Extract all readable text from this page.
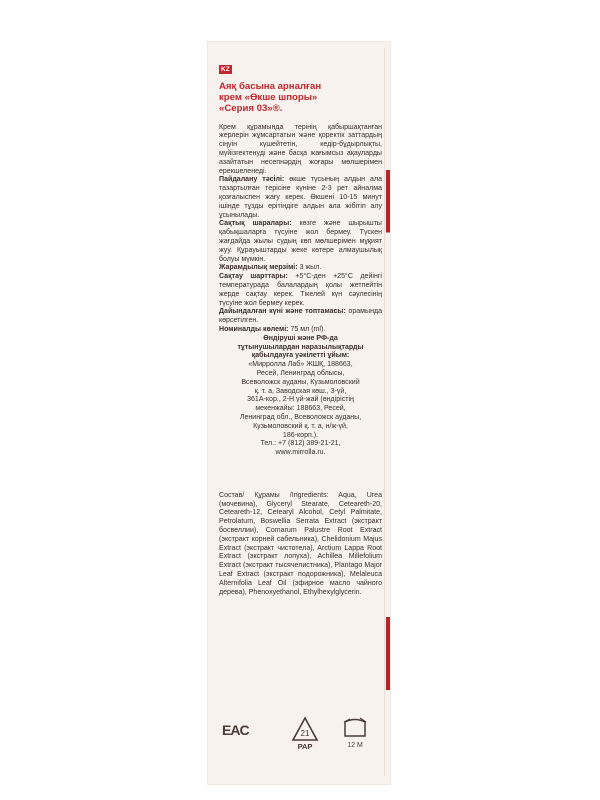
KZ
Аяқ басына арналған
крем «Өкше шпоры»
«Серия 03»®.

Крем құрамында терінің қабыршақтанған жерлерін жұмсартатын және қоректік заттардың сіңуін күшейтетін, кедір-бұдырлықты, мүйізгектенуді және басқа жағымсыз ақауларды азайтатын несепнәрдің жоғары мөлшерімен ерекшеленеді.

Пайдалану тәсілі: өкше түсының алдын ала тазартылған терісіне күніне 2-3 рет айналма қозғалыспен жағу керек. Өкшені 10-15 минут ішінде тұзды ерітіндіге алдын ала жібітіп алу ұсынылады.

Сақтық шаралары: көзге және шырышты қабықшаларға түсуіне жол бермеу. Түскен жағдайда жылы судың көп мөлшерімен мұқият жуу. Құрауыштарды жеке көтере алмаушылық болуы мүмкін.

Жарамдылық мерзімі: 3 жыл.

Сақтау шарттары: +5°С-ден +25°С дейінгі температурада балалардың қолы жетпейтін жерде сақтау керек. Тікелей күн сәулесінің түсуіне жол бермеу керек.

Дайындалған күні және топтамасы: орамында көрсетілген.

Номиналды көлемі: 75 мл (ml).

Өндіруші және РФ-да
тұтынушылардан наразылықтарды
қабылдауға уәкілетті ұйым:
«Мирролла Лаб» ЖШҚ, 188663,
Ресей, Ленинград облысы,
Всеволожск ауданы, Кузьмоловский
қ. т. а, Заводская көш., 3-үй,
361А-кор., 2-Н үй-жай (өндірістің
мекенжайы: 188663, Ресей,
Ленинград обл., Всеволожск ауданы,
Кузьмоловский қ. т. а, н/ж-үй,
186-корп.).
Тел.: +7 (812) 389-21-21,
www.mirrolla.ru.

Состав/ Құрамы /Ingredients: Aqua, Urea (мочевина), Glyceryl Stearate, Ceteareth-20, Ceteareth-12, Cetearyl Alcohol, Cetyl Palmitate, Petrolatum, Boswellia Serrata Extract (экстракт босвеллии), Comarum Palustre Root Extract (экстракт корней сабельника), Chelidonium Majus Extract (экстракт чистотела), Arctium Lappa Root Extract (экстракт лопуха), Achillea Millefolium Extract (экстракт тысячелистника), Plantago Major Leaf Extract (экстракт подорожника), Melaleuca Alternifolia Leaf Oil (эфирное масло чайного дерева), Phenoxyethanol, Ethylhexylglycerin.

EAC	21
PAP	12 M
